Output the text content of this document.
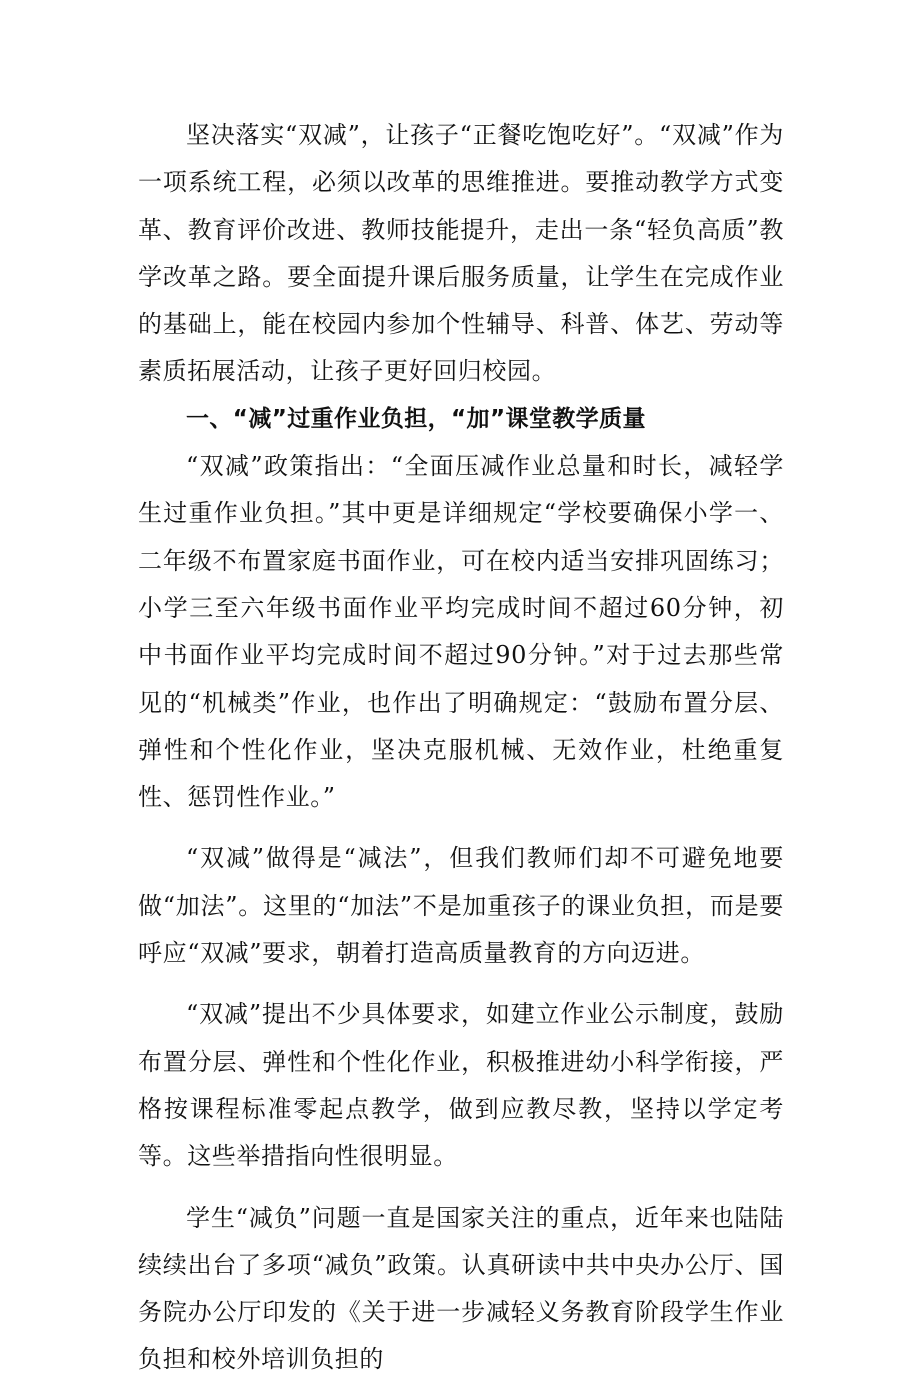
坚决落实“双减”，让孩子“正餐吃饱吃好”。“双减”作为一项系统工程，必须以改革的思维推进。要推动教学方式变革、教育评价改进、教师技能提升，走出一条“轻负高质”教学改革之路。要全面提升课后服务质量，让学生在完成作业的基础上，能在校园内参加个性辅导、科普、体艺、劳动等素质拓展活动，让孩子更好回归校园。

一、“减”过重作业负担，“加”课堂教学质量

“双减”政策指出：“全面压减作业总量和时长，减轻学生过重作业负担。”其中更是详细规定“学校要确保小学一、二年级不布置家庭书面作业，可在校内适当安排巩固练习；小学三至六年级书面作业平均完成时间不超过60分钟，初中书面作业平均完成时间不超过90分钟。”对于过去那些常见的“机械类”作业，也作出了明确规定：“鼓励布置分层、弹性和个性化作业，坚决克服机械、无效作业，杜绝重复性、惩罚性作业。”

“双减”做得是“减法”，但我们教师们却不可避免地要做“加法”。这里的“加法”不是加重孩子的课业负担，而是要呼应“双减”要求，朝着打造高质量教育的方向迈进。

“双减”提出不少具体要求，如建立作业公示制度，鼓励布置分层、弹性和个性化作业，积极推进幼小科学衔接，严格按课程标准零起点教学，做到应教尽教，坚持以学定考等。这些举措指向性很明显。

学生“减负”问题一直是国家关注的重点，近年来也陆陆续续出台了多项“减负”政策。认真研读中共中央办公厅、国务院办公厅印发的《关于进一步减轻义务教育阶段学生作业负担和校外培训负担的
